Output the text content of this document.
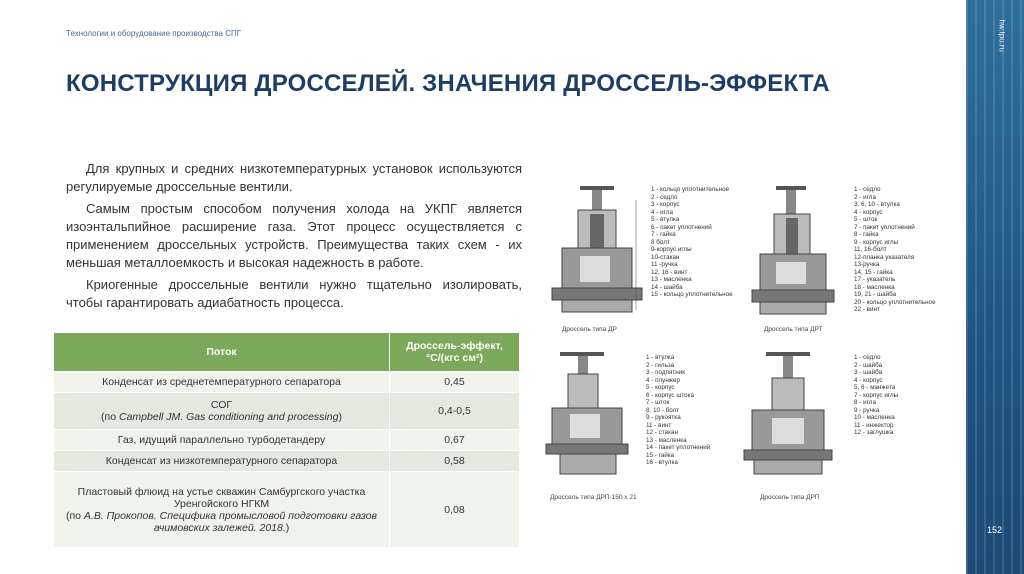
Технологии и оборудование производства СПГ
КОНСТРУКЦИЯ ДРОССЕЛЕЙ. ЗНАЧЕНИЯ ДРОССЕЛЬ-ЭФФЕКТА

Для крупных и средних низкотемпературных установок используются регулируемые дроссельные вентили.

Самым простым способом получения холода на УКПГ является изоэнтальпийное расширение газа. Этот процесс осуществляется с применением дроссельных устройств. Преимущества таких схем - их меньшая металлоемкость и высокая надежность в работе.

Криогенные дроссельные вентили нужно тщательно изолировать, чтобы гарантировать адиабатность процесса.

Поток	Дроссель-эффект,
°С/(кгс см²)
Конденсат из среднетемпературного сепаратора	0,45
СОГ
(по Campbell JM. Gas conditioning and processing)	0,4-0,5
Газ, идущий параллельно турбодетандеру	0,67
Конденсат из низкотемпературного сепаратора	0,58
Пластовый флюид на устье скважин Самбургского участка
Уренгойского НГКМ
(по А.В. Прокопов. Специфика промысловой подготовки газов ачимовских залежей. 2018.)	0,08
Дроссель типа ДР
1 - кольцо уплотнительное
2 - седло
3 - корпус
4 - игла
5 - втулка
6 - пакет уплотнений
7 - гайка
8 болт
9-корпус иглы
10-стакан
11 -ручка
12, 16 - винт
13 - масленка
14 - шайба
15 - кольцо уплотнительное
Дроссель типа ДРТ
1 - седло
2 - игла
3, 6, 10 - втулка
4 - корпус
5 - шток
7 - пакет уплотнений
8 - гайка
9 - корпус иглы
11, 16-болт
12-планка указателя
13-ручка
14, 15 - гайка
17 - указатель
18 - масленка
19, 21 - шайба
20 - кольцо уплотнительное
22 - винт
Дроссель типа ДРП-150 х 21
1 - втулка
2 - гильза
3 - подпятник
4 - плунжер
5 - корпус
6 - корпус штока
7 - шток
8, 10 - болт
9 - рукоятка
11 - винт
12 - стакан
13 - масленка
14 - пакет уплотнений
15 - гайка
16 - втулка
Дроссель типа ДРП
1 - седло
2 - шайба
3 - шайба
4 - корпус
5, 6 - манжета
7 - корпус иглы
8 - игла
9 - ручка
10 - масленка
11 - инжектор
12 - заглушка
hw.tpu.ru
152
